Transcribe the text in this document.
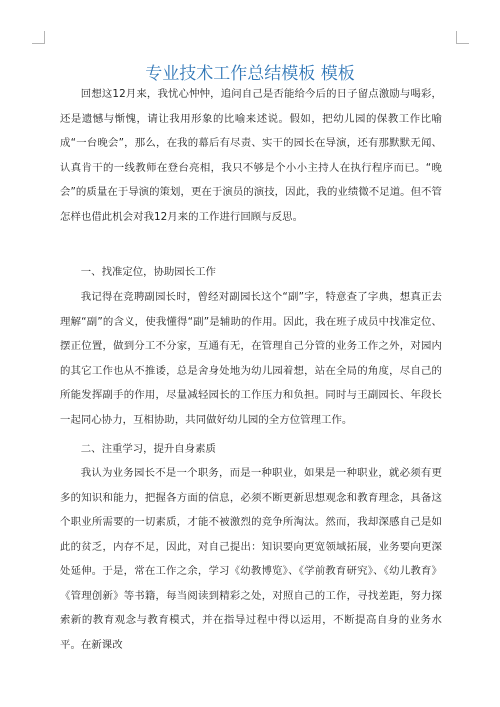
专业技术工作总结模板 模板

回想这12月来，我忧心忡忡，追问自己是否能给今后的日子留点激励与喝彩，还是遗憾与惭愧，请让我用形象的比喻来述说。假如，把幼儿园的保教工作比喻成“一台晚会”，那么，在我的幕后有尽责、实干的园长在导演，还有那默默无闻、认真肯干的一线教师在登台亮相，我只不够是个小小主持人在执行程序而已。“晚会”的质量在于导演的策划，更在于演员的演技，因此，我的业绩微不足道。但不管怎样也借此机会对我12月来的工作进行回顾与反思。

一、找准定位，协助园长工作

我记得在竞聘副园长时，曾经对副园长这个“副”字，特意查了字典，想真正去理解“副”的含义，使我懂得“副”是辅助的作用。因此，我在班子成员中找准定位、摆正位置，做到分工不分家，互通有无，在管理自己分管的业务工作之外，对园内的其它工作也从不推诿，总是舍身处地为幼儿园着想，站在全局的角度，尽自己的所能发挥副手的作用，尽量减轻园长的工作压力和负担。同时与王副园长、年段长一起同心协力，互相协助，共同做好幼儿园的全方位管理工作。

二、注重学习，提升自身素质

我认为业务园长不是一个职务，而是一种职业，如果是一种职业，就必须有更多的知识和能力，把握各方面的信息，必须不断更新思想观念和教育理念，具备这个职业所需要的一切素质，才能不被激烈的竞争所淘汰。然而，我却深感自己是如此的贫乏，内存不足，因此，对自己提出：知识要向更宽领域拓展，业务要向更深处延伸。于是，常在工作之余，学习《幼教博览》、《学前教育研究》、《幼儿教育》《管理创新》等书籍，每当阅读到精彩之处，对照自己的工作，寻找差距，努力探索新的教育观念与教育模式，并在指导过程中得以运用，不断提高自身的业务水平。在新课改
